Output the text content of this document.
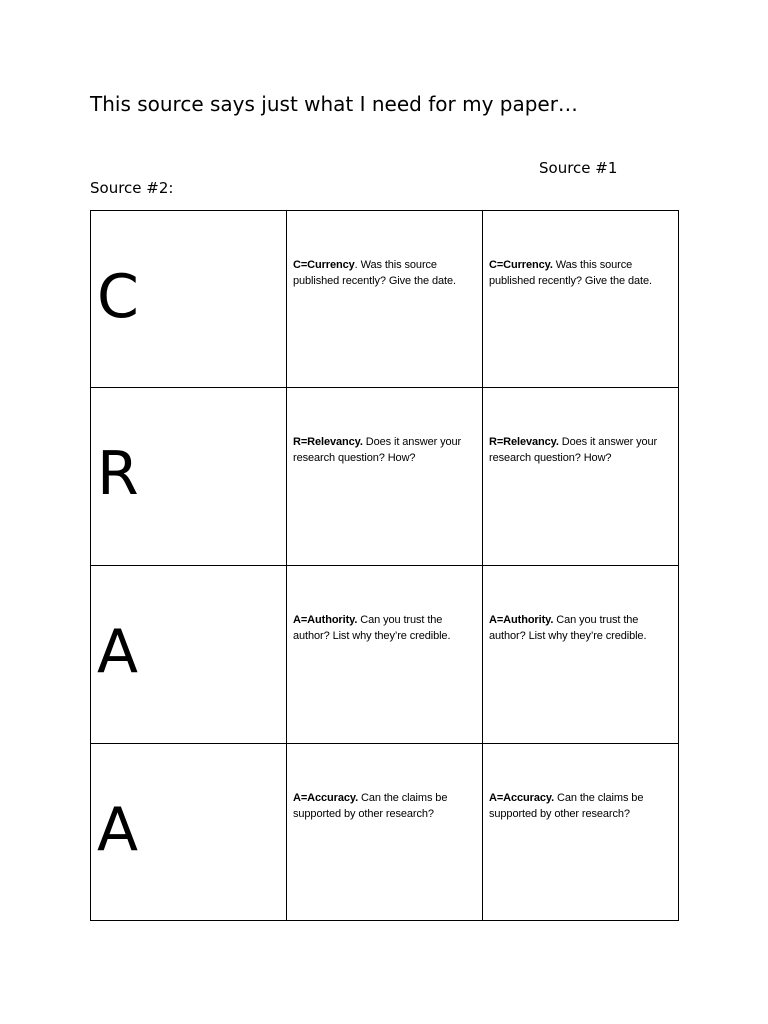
This source says just what I need for my paper…
Source #1
Source #2:
C	C=Currency. Was this source published recently? Give the date.	C=Currency. Was this source published recently? Give the date.

R	R=Relevancy. Does it answer your research question? How?	R=Relevancy. Does it answer your research question? How?

A	A=Authority. Can you trust the author? List why they’re credible.	A=Authority. Can you trust the author? List why they’re credible.

A	A=Accuracy. Can the claims be supported by other research?	A=Accuracy. Can the claims be supported by other research?
